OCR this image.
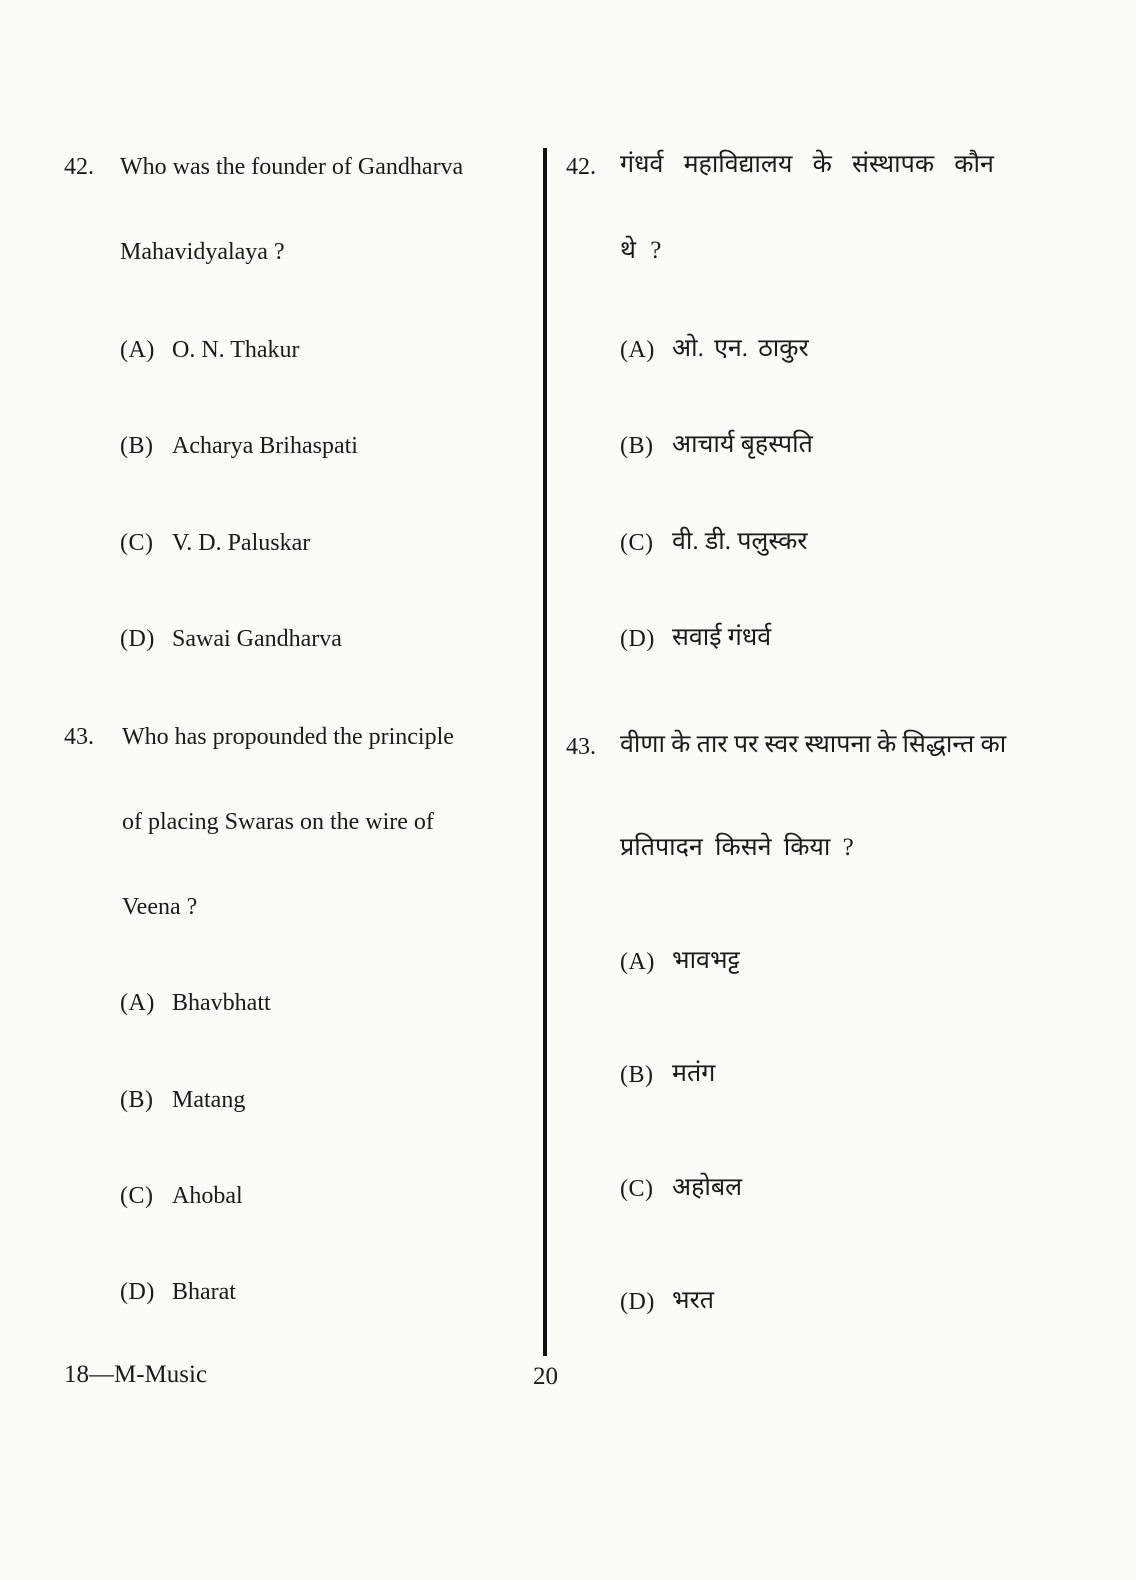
42. Who was the founder of Gandharva
Mahavidyalaya ?
(A) O. N. Thakur
(B) Acharya Brihaspati
(C) V. D. Paluskar
(D) Sawai Gandharva
43. Who has propounded the principle
of placing Swaras on the wire of
Veena ?
(A) Bhavbhatt
(B) Matang
(C) Ahobal
(D) Bharat
42. गंधर्व महाविद्यालय के संस्थापक कौन
थे ?
(A) ओ. एन. ठाकुर
(B) आचार्य बृहस्पति
(C) वी. डी. पलुस्कर
(D) सवाई गंधर्व
43. वीणा के तार पर स्वर स्थापना के सिद्धान्त का
प्रतिपादन किसने किया ?
(A) भावभट्ट
(B) मतंग
(C) अहोबल
(D) भरत
18—M-Music	20
